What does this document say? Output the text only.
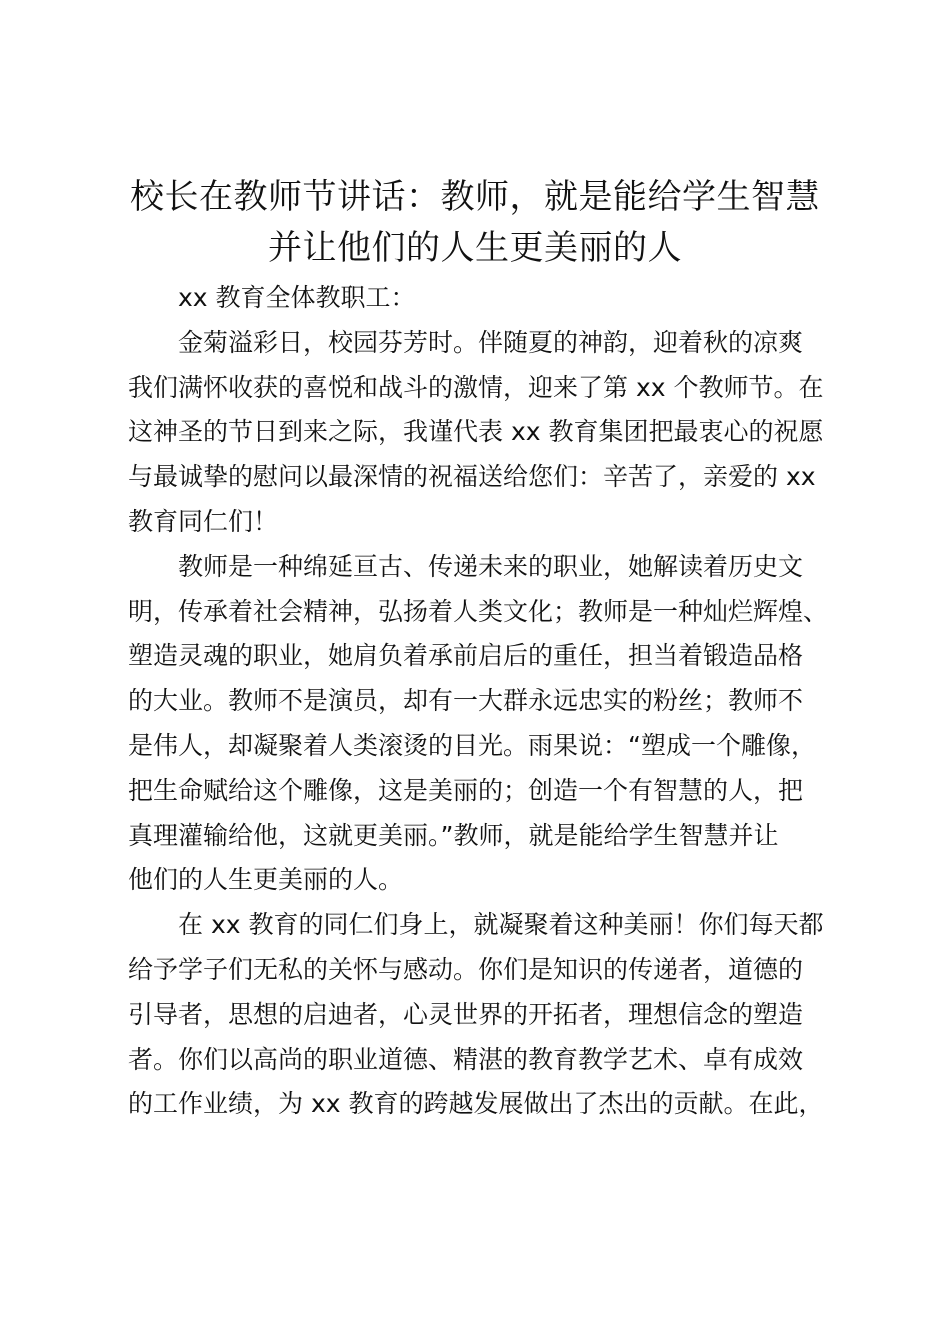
校长在教师节讲话：教师，就是能给学生智慧
并让他们的人生更美丽的人
xx 教育全体教职工：
金菊溢彩日，校园芬芳时。伴随夏的神韵，迎着秋的凉爽
我们满怀收获的喜悦和战斗的激情，迎来了第 xx 个教师节。在
这神圣的节日到来之际，我谨代表 xx 教育集团把最衷心的祝愿
与最诚挚的慰问以最深情的祝福送给您们：辛苦了，亲爱的 xx
教育同仁们！
教师是一种绵延亘古、传递未来的职业，她解读着历史文
明，传承着社会精神，弘扬着人类文化；教师是一种灿烂辉煌、
塑造灵魂的职业，她肩负着承前启后的重任，担当着锻造品格
的大业。教师不是演员，却有一大群永远忠实的粉丝；教师不
是伟人，却凝聚着人类滚烫的目光。雨果说：“塑成一个雕像，
把生命赋给这个雕像，这是美丽的；创造一个有智慧的人，把
真理灌输给他，这就更美丽。”教师，就是能给学生智慧并让
他们的人生更美丽的人。
在 xx 教育的同仁们身上，就凝聚着这种美丽！你们每天都
给予学子们无私的关怀与感动。你们是知识的传递者，道德的
引导者，思想的启迪者，心灵世界的开拓者，理想信念的塑造
者。你们以高尚的职业道德、精湛的教育教学艺术、卓有成效
的工作业绩，为 xx 教育的跨越发展做出了杰出的贡献。在此，
